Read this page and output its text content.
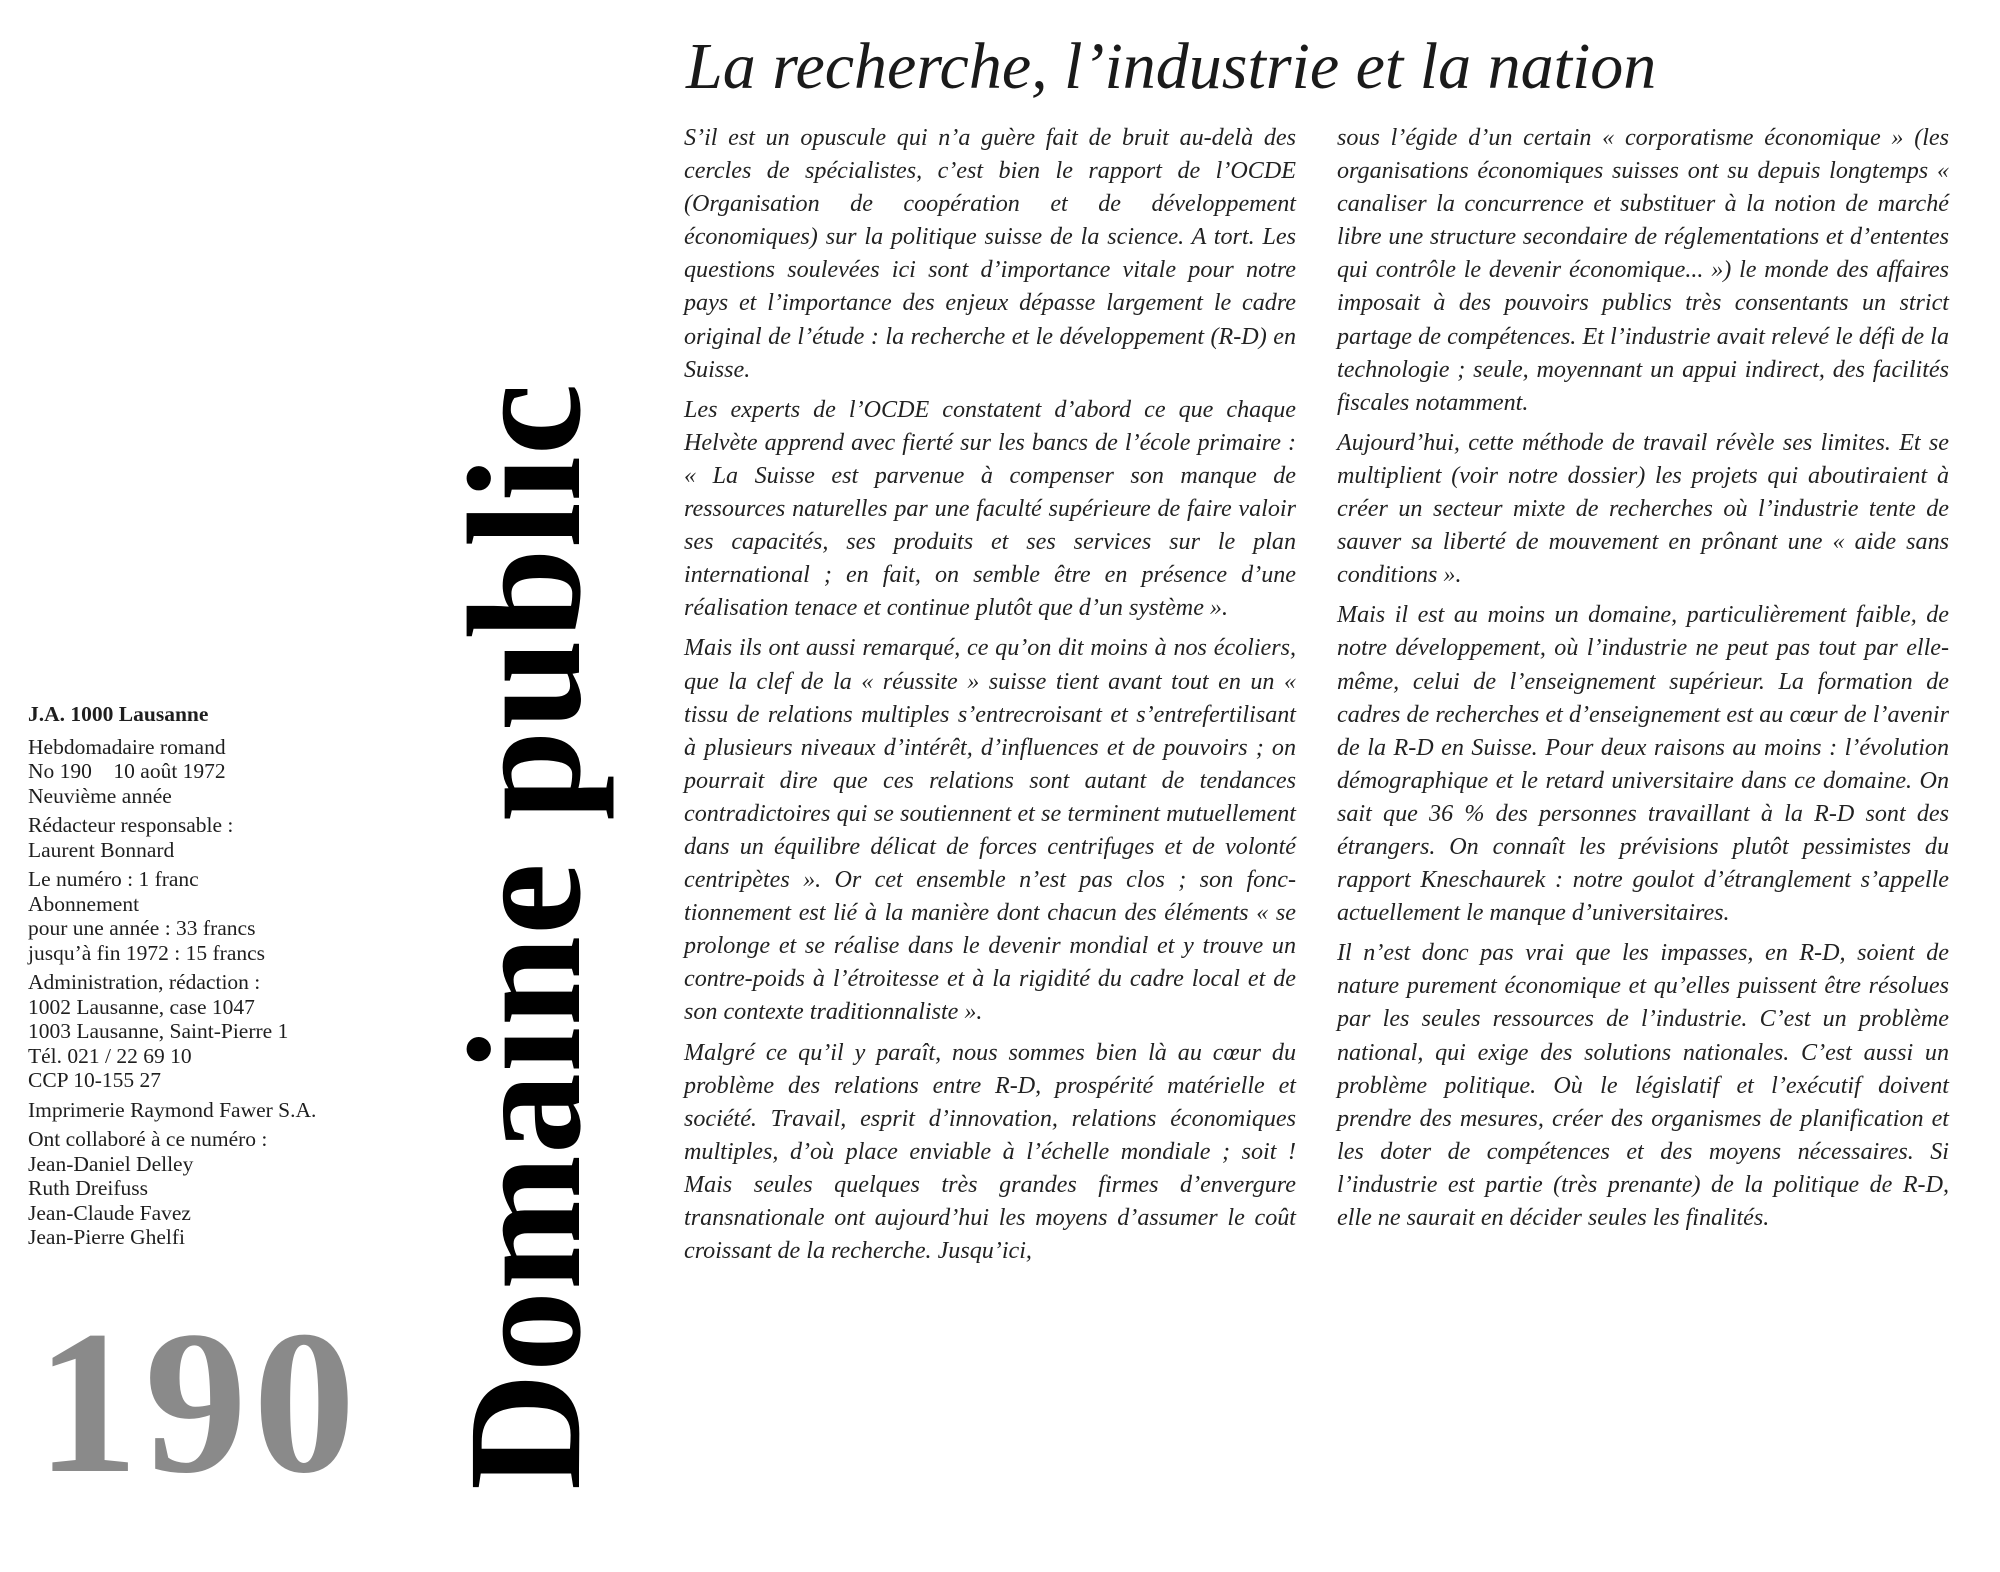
J.A. 1000 Lausanne

Hebdomadaire romand

No 190    10 août 1972

Neuvième année

Rédacteur responsable :

Laurent Bonnard

Le numéro : 1 franc

Abonnement

pour une année : 33 francs

jusqu’à fin 1972 : 15 francs

Administration, rédaction :

1002 Lausanne, case 1047

1003 Lausanne, Saint-Pierre 1

Tél. 021 / 22 69 10

CCP 10-155 27

Imprimerie Raymond Fawer S.A.

Ont collaboré à ce numéro :

Jean-Daniel Delley

Ruth Dreifuss

Jean-Claude Favez

Jean-Pierre Ghelfi

190 Domaine public
La recherche, l’industrie et la nation

S’il est un opuscule qui n’a guère fait de bruit au-delà des cercles de spécialistes, c’est bien le rapport de l’OCDE (Organisation de coopération et de développement économiques) sur la politique suisse de la science. A tort. Les questions soulevées ici sont d’importance vitale pour notre pays et l’importance des enjeux dépasse largement le cadre original de l’étude : la recherche et le développement (R-D) en Suisse.

Les experts de l’OCDE constatent d’abord ce que chaque Helvète apprend avec fierté sur les bancs de l’école primaire : « La Suisse est parvenue à compenser son manque de ressources naturelles par une faculté supérieure de faire valoir ses capacités, ses produits et ses services sur le plan international ; en fait, on semble être en présence d’une réalisation tenace et continue plutôt que d’un système ».

Mais ils ont aussi remarqué, ce qu’on dit moins à nos écoliers, que la clef de la « réussite » suisse tient avant tout en un « tissu de relations multiples s’entrecroisant et s’entrefertilisant à plusieurs niveaux d’intérêt, d’influences et de pouvoirs ; on pourrait dire que ces relations sont autant de tendances contradictoires qui se soutiennent et se terminent mutuellement dans un équilibre délicat de forces centrifuges et de volonté centripètes ». Or cet ensemble n’est pas clos ; son fonctionnement est lié à la manière dont chacun des éléments « se prolonge et se réalise dans le devenir mondial et y trouve un contre-poids à l’étroitesse et à la rigidité du cadre local et de son contexte traditionnaliste ».

Malgré ce qu’il y paraît, nous sommes bien là au cœur du problème des relations entre R-D, prospérité matérielle et société. Travail, esprit d’innovation, relations économiques multiples, d’où place enviable à l’échelle mondiale ; soit ! Mais seules quelques très grandes firmes d’envergure transnationale ont aujourd’hui les moyens d’assumer le coût croissant de la recherche. Jusqu’ici,

sous l’égide d’un certain « corporatisme économique » (les organisations économiques suisses ont su depuis longtemps « canaliser la concurrence et substituer à la notion de marché libre une structure secondaire de réglementations et d’ententes qui contrôle le devenir économique... ») le monde des affaires imposait à des pouvoirs publics très consentants un strict partage de compétences. Et l’industrie avait relevé le défi de la technologie ; seule, moyennant un appui indirect, des facilités fiscales notamment.

Aujourd’hui, cette méthode de travail révèle ses limites. Et se multiplient (voir notre dossier) les projets qui aboutiraient à créer un secteur mixte de recherches où l’industrie tente de sauver sa liberté de mouvement en prônant une « aide sans conditions ».

Mais il est au moins un domaine, particulièrement faible, de notre développement, où l’industrie ne peut pas tout par elle-même, celui de l’enseignement supérieur. La formation de cadres de recherches et d’enseignement est au cœur de l’avenir de la R-D en Suisse. Pour deux raisons au moins : l’évolution démographique et le retard universitaire dans ce domaine. On sait que 36 % des personnes travaillant à la R-D sont des étrangers. On connaît les prévisions plutôt pessimistes du rapport Kneschaurek : notre goulot d’étranglement s’appelle actuellement le manque d’universitaires.

Il n’est donc pas vrai que les impasses, en R-D, soient de nature purement économique et qu’elles puissent être résolues par les seules ressources de l’industrie. C’est un problème national, qui exige des solutions nationales. C’est aussi un problème politique. Où le législatif et l’exécutif doivent prendre des mesures, créer des organismes de planification et les doter de compétences et des moyens nécessaires. Si l’industrie est partie (très prenante) de la politique de R-D, elle ne saurait en décider seules les finalités.
